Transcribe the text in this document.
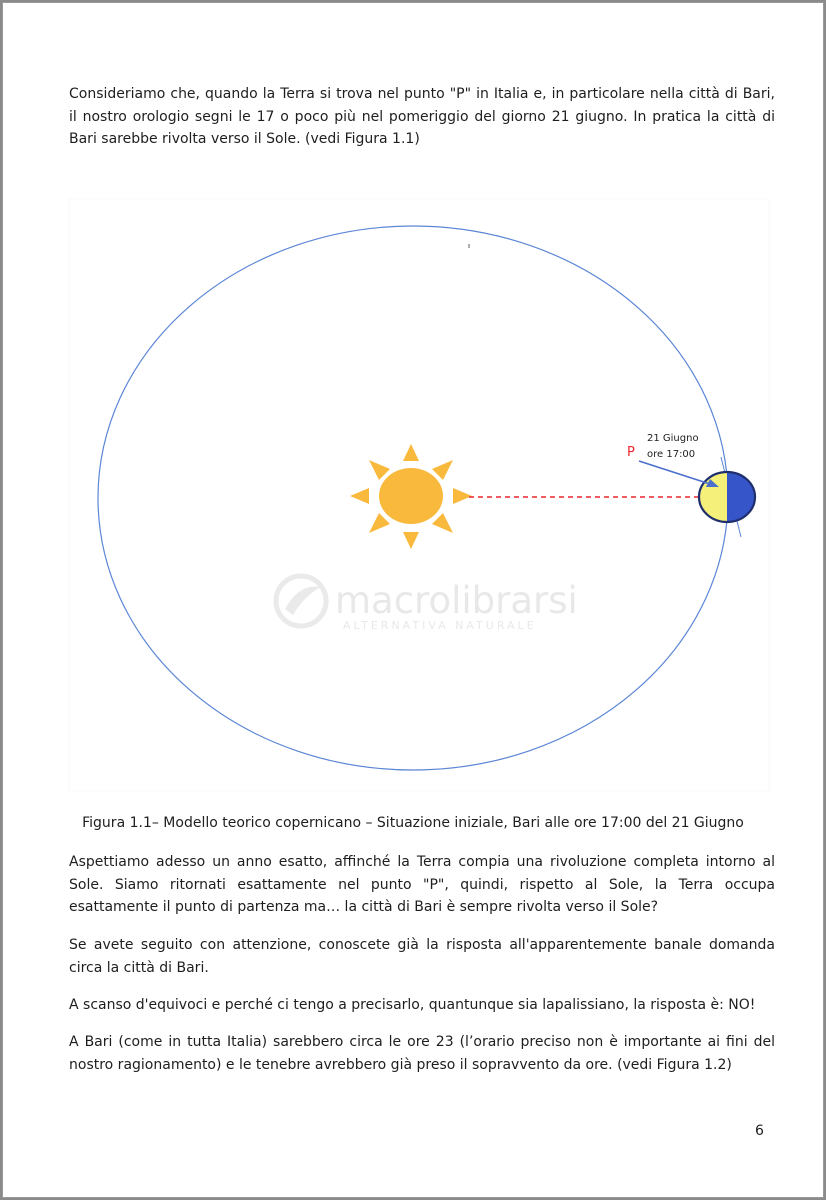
Consideriamo che, quando la Terra si trova nel punto "P" in Italia e, in particolare nella città di Bari, il nostro orologio segni le 17 o poco più nel pomeriggio del giorno 21 giugno. In pratica la città di Bari sarebbe rivolta verso il Sole. (vedi Figura 1.1)

P
21 Giugno
ore 17:00
macrolibrarsi
ALTERNATIVA NATURALE

Figura 1.1– Modello teorico copernicano – Situazione iniziale, Bari alle ore 17:00 del 21 Giugno

Aspettiamo adesso un anno esatto, affinché la Terra compia una rivoluzione completa intorno al Sole. Siamo ritornati esattamente nel punto "P", quindi, rispetto al Sole, la Terra occupa esattamente il punto di partenza ma… la città di Bari è sempre rivolta verso il Sole?

Se avete seguito con attenzione, conoscete già la risposta all'apparentemente banale domanda circa la città di Bari.

A scanso d'equivoci e perché ci tengo a precisarlo, quantunque sia lapalissiano, la risposta è: NO!

A Bari (come in tutta Italia) sarebbero circa le ore 23 (l’orario preciso non è importante ai fini del nostro ragionamento) e le tenebre avrebbero già preso il sopravvento da ore. (vedi Figura 1.2)

6
